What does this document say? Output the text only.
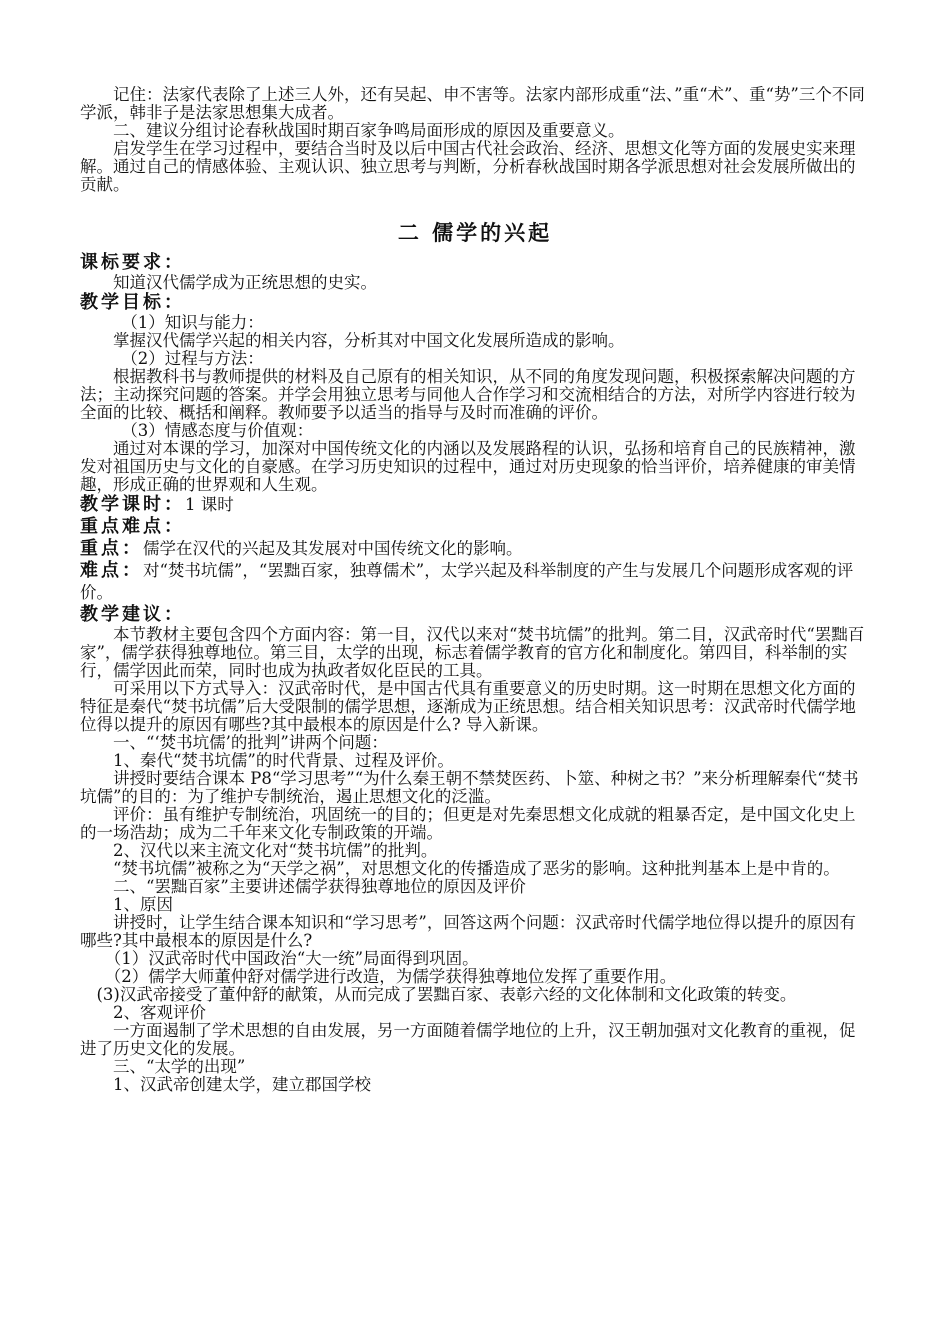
记住：法家代表除了上述三人外，还有吴起、申不害等。法家内部形成重“法、”重“术”、重“势”三个不同学派，韩非子是法家思想集大成者。

二、建议分组讨论春秋战国时期百家争鸣局面形成的原因及重要意义。

启发学生在学习过程中，要结合当时及以后中国古代社会政治、经济、思想文化等方面的发展史实来理解。通过自己的情感体验、主观认识、独立思考与判断，分析春秋战国时期各学派思想对社会发展所做出的贡献。

二 儒学的兴起
课标要求：

知道汉代儒学成为正统思想的史实。

教学目标：

（1）知识与能力：

掌握汉代儒学兴起的相关内容，分析其对中国文化发展所造成的影响。

（2）过程与方法：

根据教科书与教师提供的材料及自己原有的相关知识，从不同的角度发现问题，积极探索解决问题的方法；主动探究问题的答案。并学会用独立思考与同他人合作学习和交流相结合的方法，对所学内容进行较为全面的比较、概括和阐释。教师要予以适当的指导与及时而准确的评价。

（3）情感态度与价值观：

通过对本课的学习，加深对中国传统文化的内涵以及发展路程的认识，弘扬和培育自己的民族精神，激发对祖国历史与文化的自豪感。在学习历史知识的过程中，通过对历史现象的恰当评价，培养健康的审美情趣，形成正确的世界观和人生观。

教学课时：1 课时

重点难点：

重点：儒学在汉代的兴起及其发展对中国传统文化的影响。

难点：对“焚书坑儒”，“罢黜百家，独尊儒术”，太学兴起及科举制度的产生与发展几个问题形成客观的评价。

教学建议：

本节教材主要包含四个方面内容：第一目，汉代以来对“焚书坑儒”的批判。第二目，汉武帝时代“罢黜百家”，儒学获得独尊地位。第三目，太学的出现，标志着儒学教育的官方化和制度化。第四目，科举制的实行，儒学因此而荣，同时也成为执政者奴化臣民的工具。

可采用以下方式导入：汉武帝时代，是中国古代具有重要意义的历史时期。这一时期在思想文化方面的特征是秦代“焚书坑儒”后大受限制的儒学思想，逐渐成为正统思想。结合相关知识思考：汉武帝时代儒学地位得以提升的原因有哪些?其中最根本的原因是什么? 导入新课。

一、“‘焚书坑儒’的批判”讲两个问题：

1、秦代“焚书坑儒”的时代背景、过程及评价。

讲授时要结合课本 P8“学习思考”“为什么秦王朝不禁焚医药、卜筮、种树之书？”来分析理解秦代“焚书坑儒”的目的：为了维护专制统治，遏止思想文化的泛滥。

评价：虽有维护专制统治，巩固统一的目的；但更是对先秦思想文化成就的粗暴否定，是中国文化史上的一场浩劫；成为二千年来文化专制政策的开端。

2、汉代以来主流文化对“焚书坑儒”的批判。

“焚书坑儒”被称之为“天学之祸”，对思想文化的传播造成了恶劣的影响。这种批判基本上是中肯的。

二、“罢黜百家”主要讲述儒学获得独尊地位的原因及评价

1、原因

讲授时，让学生结合课本知识和“学习思考”，回答这两个问题：汉武帝时代儒学地位得以提升的原因有哪些?其中最根本的原因是什么?

（1）汉武帝时代中国政治“大一统”局面得到巩固。

（2）儒学大师董仲舒对儒学进行改造，为儒学获得独尊地位发挥了重要作用。

(3)汉武帝接受了董仲舒的献策，从而完成了罢黜百家、表彰六经的文化体制和文化政策的转变。

2、客观评价

一方面遏制了学术思想的自由发展，另一方面随着儒学地位的上升，汉王朝加强对文化教育的重视，促进了历史文化的发展。

三、“太学的出现”

1、汉武帝创建太学，建立郡国学校
